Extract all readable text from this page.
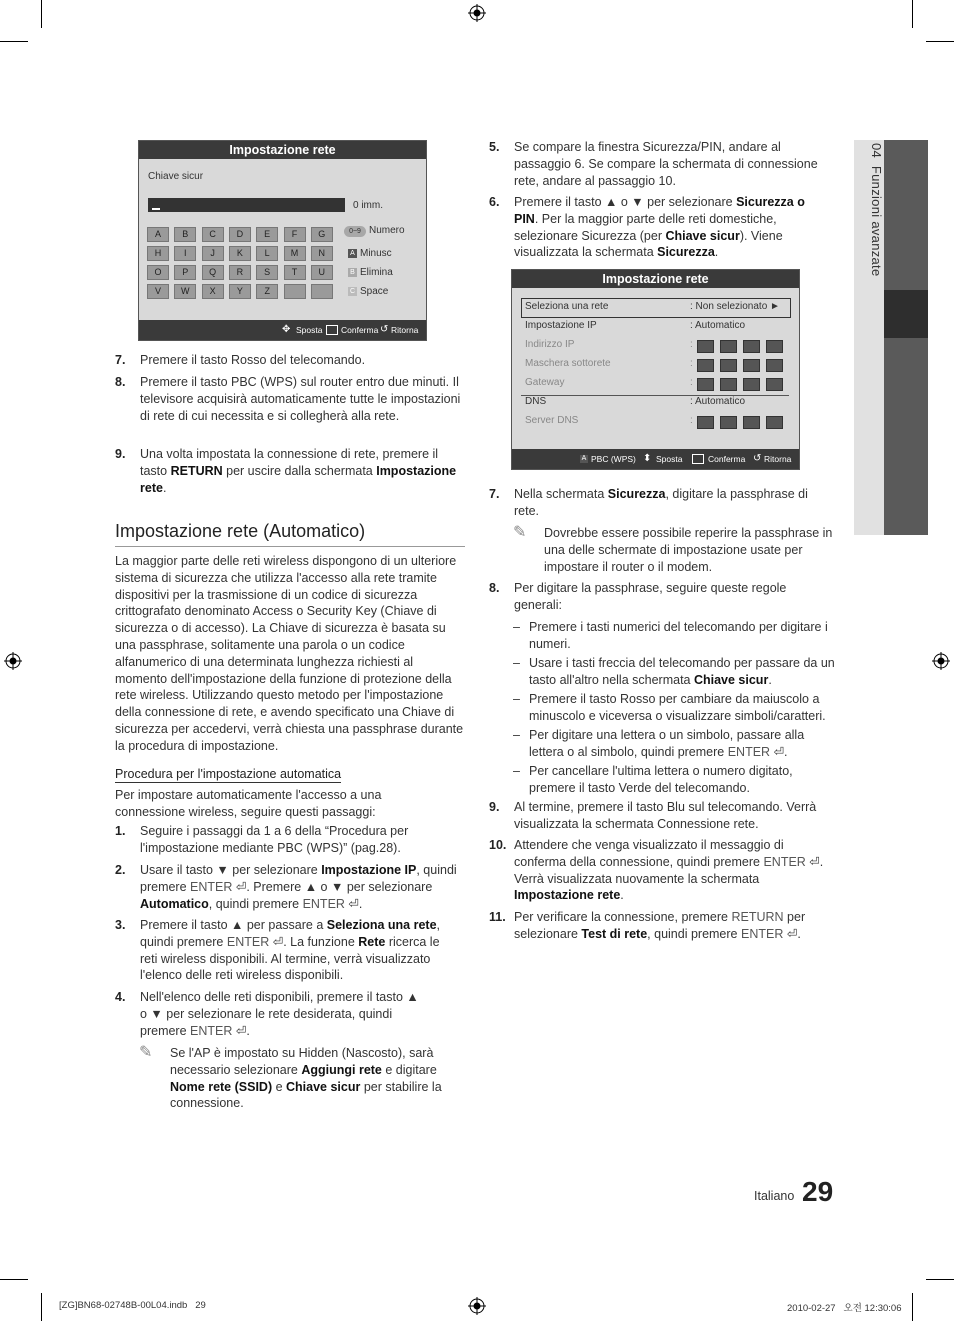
04  Funzioni avanzate
Impostazione rete
Chiave sicur
0 imm.
A	B	C	D	E	F	G
H	I	J	K	L	M	N
O	P	Q	R	S	T	U
V	W	X	Y	Z
0~9 Numero
A Minusc
B Elimina
C Space
✥ Sposta Conferma ↺ Ritorna
7. Premere il tasto Rosso del telecomando.
8. Premere il tasto PBC (WPS) sul router entro due minuti. Il televisore acquisirà automaticamente tutte le impostazioni di rete di cui necessita e si collegherà alla rete.
9. Una volta impostata la connessione di rete, premere il tasto RETURN per uscire dalla schermata Impostazione rete.
Impostazione rete (Automatico)
La maggior parte delle reti wireless dispongono di un ulteriore sistema di sicurezza che utilizza l'accesso alla rete tramite dispositivi per la trasmissione di un codice di sicurezza crittografato denominato Access o Security Key (Chiave di sicurezza o di accesso). La Chiave di sicurezza è basata su una passphrase, solitamente una parola o un codice alfanumerico di una determinata lunghezza richiesti al momento dell'impostazione della funzione di protezione della rete wireless. Utilizzando questo metodo per l'impostazione della connessione di rete, e avendo specificato una Chiave di sicurezza per accedervi, verrà chiesta una passphrase durante la procedura di impostazione.
Procedura per l'impostazione automatica
Per impostare automaticamente l'accesso a una connessione wireless, seguire questi passaggi:
1. Seguire i passaggi da 1 a 6 della “Procedura per l'impostazione mediante PBC (WPS)” (pag.28).
2. Usare il tasto ▼ per selezionare Impostazione IP, quindi premere ENTER ⏎. Premere ▲ o ▼ per selezionare Automatico, quindi premere ENTER ⏎.
3. Premere il tasto ▲ per passare a Seleziona una rete, quindi premere ENTER ⏎. La funzione Rete ricerca le reti wireless disponibili. Al termine, verrà visualizzato l'elenco delle reti wireless disponibili.
4. Nell'elenco delle reti disponibili, premere il tasto ▲ o ▼ per selezionare le rete desiderata, quindi premere ENTER ⏎.
✎ Se l'AP è impostato su Hidden (Nascosto), sarà necessario selezionare Aggiungi rete e digitare Nome rete (SSID) e Chiave sicur per stabilire la connessione.
5. Se compare la finestra Sicurezza/PIN, andare al passaggio 6. Se compare la schermata di connessione rete, andare al passaggio 10.
6. Premere il tasto ▲ o ▼ per selezionare Sicurezza o PIN. Per la maggior parte delle reti domestiche, selezionare Sicurezza (per Chiave sicur). Viene visualizzata la schermata Sicurezza.
Impostazione rete
Seleziona una rete	: Non selezionato ►
Impostazione IP	: Automatico
Indirizzo IP	:
Maschera sottorete	:
Gateway	:
DNS	: Automatico
Server DNS	:
A PBC (WPS) ⬍ Sposta	Conferma ↺ Ritorna
7. Nella schermata Sicurezza, digitare la passphrase di rete.
✎ Dovrebbe essere possibile reperire la passphrase in una delle schermate di impostazione usate per impostare il router o il modem.
8. Per digitare la passphrase, seguire queste regole generali:
– Premere i tasti numerici del telecomando per digitare i numeri.
– Usare i tasti freccia del telecomando per passare da un tasto all'altro nella schermata Chiave sicur.
– Premere il tasto Rosso per cambiare da maiuscolo a minuscolo e viceversa o visualizzare simboli/caratteri.
– Per digitare una lettera o un simbolo, passare alla lettera o al simbolo, quindi premere ENTER ⏎.
– Per cancellare l'ultima lettera o numero digitato, premere il tasto Verde del telecomando.
9. Al termine, premere il tasto Blu sul telecomando. Verrà visualizzata la schermata Connessione rete.
10. Attendere che venga visualizzato il messaggio di conferma della connessione, quindi premere ENTER ⏎. Verrà visualizzata nuovamente la schermata Impostazione rete.
11. Per verificare la connessione, premere RETURN per selezionare Test di rete, quindi premere ENTER ⏎.
Italiano 29
[ZG]BN68-02748B-00L04.indb   29	2010-02-27   오전 12:30:06
